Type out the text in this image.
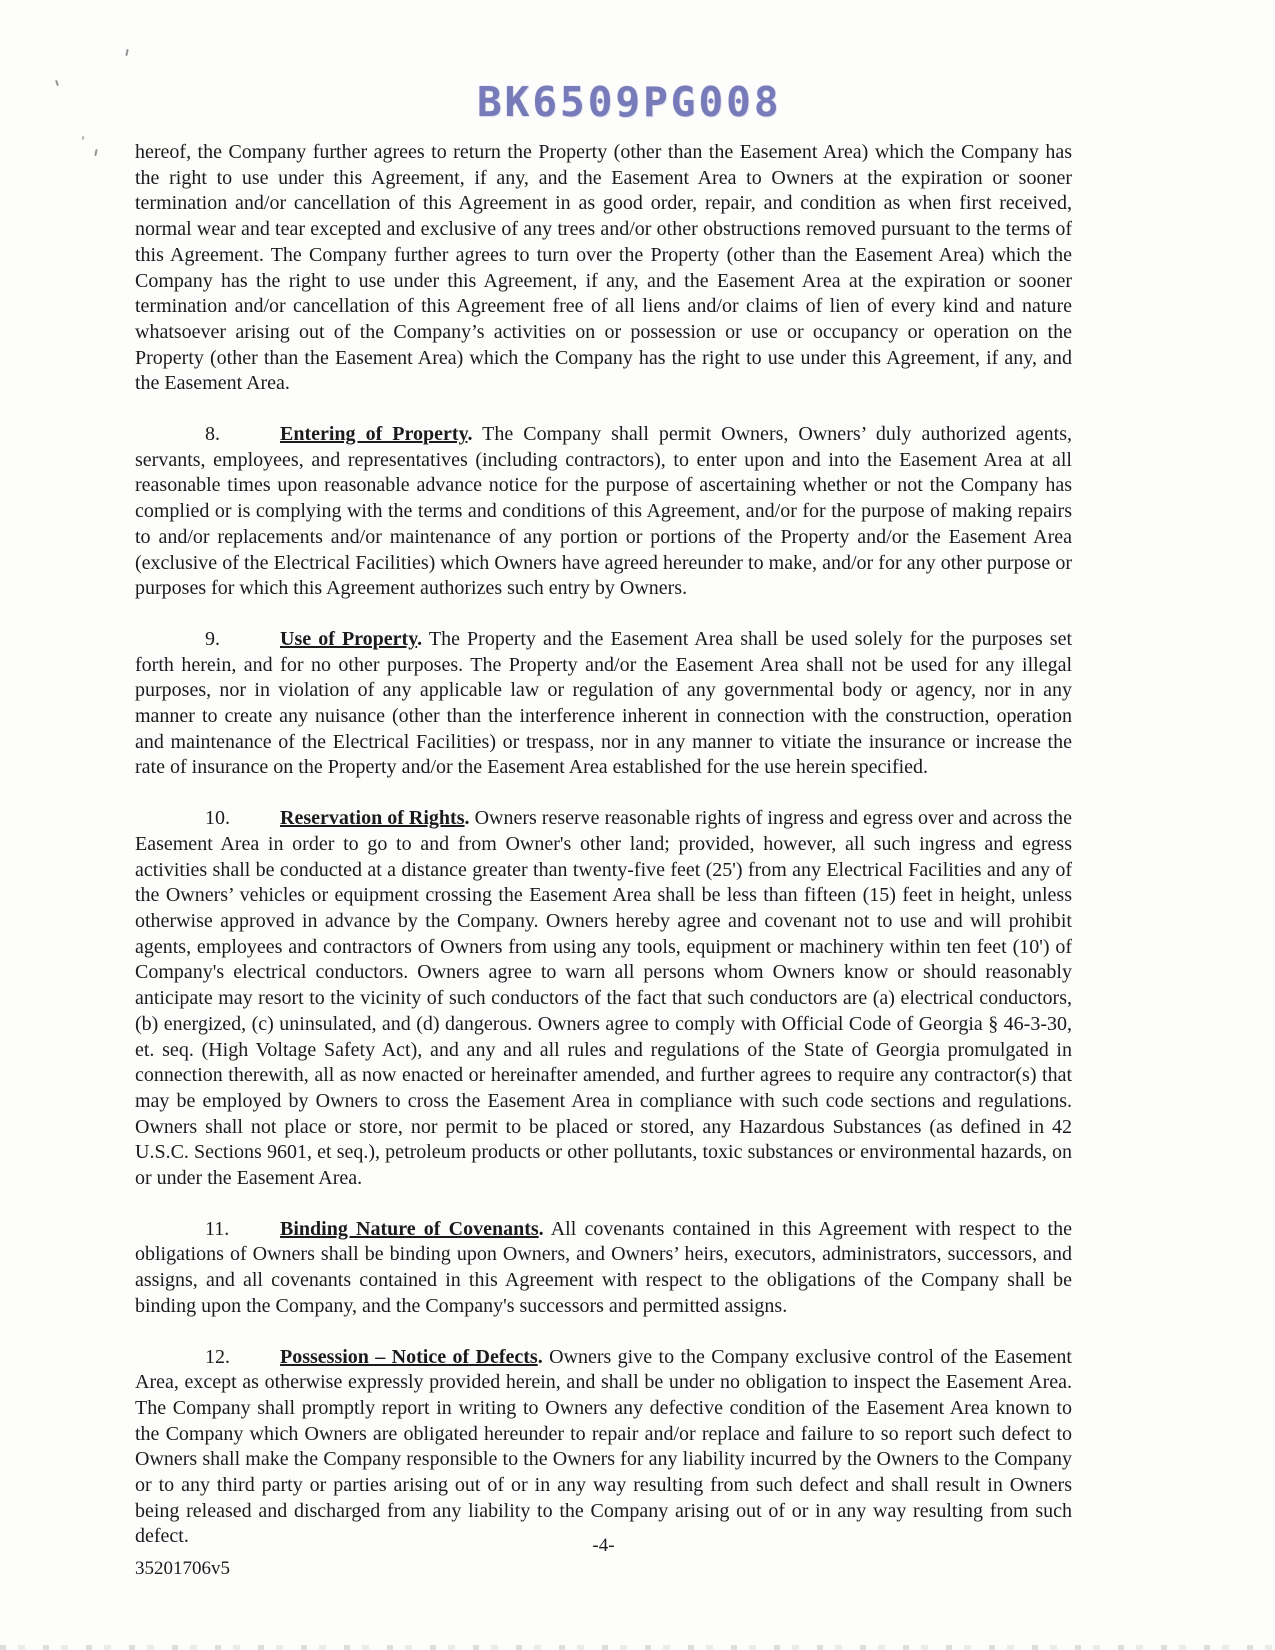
BK6509PG008

hereof, the Company further agrees to return the Property (other than the Easement Area) which the Company has the right to use under this Agreement, if any, and the Easement Area to Owners at the expiration or sooner termination and/or cancellation of this Agreement in as good order, repair, and condition as when first received, normal wear and tear excepted and exclusive of any trees and/or other obstructions removed pursuant to the terms of this Agreement. The Company further agrees to turn over the Property (other than the Easement Area) which the Company has the right to use under this Agreement, if any, and the Easement Area at the expiration or sooner termination and/or cancellation of this Agreement free of all liens and/or claims of lien of every kind and nature whatsoever arising out of the Company’s activities on or possession or use or occupancy or operation on the Property (other than the Easement Area) which the Company has the right to use under this Agreement, if any, and the Easement Area.

8.	Entering of Property. The Company shall permit Owners, Owners’ duly authorized agents, servants, employees, and representatives (including contractors), to enter upon and into the Easement Area at all reasonable times upon reasonable advance notice for the purpose of ascertaining whether or not the Company has complied or is complying with the terms and conditions of this Agreement, and/or for the purpose of making repairs to and/or replacements and/or maintenance of any portion or portions of the Property and/or the Easement Area (exclusive of the Electrical Facilities) which Owners have agreed hereunder to make, and/or for any other purpose or purposes for which this Agreement authorizes such entry by Owners.

9.	Use of Property. The Property and the Easement Area shall be used solely for the purposes set forth herein, and for no other purposes. The Property and/or the Easement Area shall not be used for any illegal purposes, nor in violation of any applicable law or regulation of any governmental body or agency, nor in any manner to create any nuisance (other than the interference inherent in connection with the construction, operation and maintenance of the Electrical Facilities) or trespass, nor in any manner to vitiate the insurance or increase the rate of insurance on the Property and/or the Easement Area established for the use herein specified.

10.	Reservation of Rights. Owners reserve reasonable rights of ingress and egress over and across the Easement Area in order to go to and from Owner's other land; provided, however, all such ingress and egress activities shall be conducted at a distance greater than twenty-five feet (25') from any Electrical Facilities and any of the Owners’ vehicles or equipment crossing the Easement Area shall be less than fifteen (15) feet in height, unless otherwise approved in advance by the Company. Owners hereby agree and covenant not to use and will prohibit agents, employees and contractors of Owners from using any tools, equipment or machinery within ten feet (10') of Company's electrical conductors. Owners agree to warn all persons whom Owners know or should reasonably anticipate may resort to the vicinity of such conductors of the fact that such conductors are (a) electrical conductors, (b) energized, (c) uninsulated, and (d) dangerous. Owners agree to comply with Official Code of Georgia § 46-3-30, et. seq. (High Voltage Safety Act), and any and all rules and regulations of the State of Georgia promulgated in connection therewith, all as now enacted or hereinafter amended, and further agrees to require any contractor(s) that may be employed by Owners to cross the Easement Area in compliance with such code sections and regulations. Owners shall not place or store, nor permit to be placed or stored, any Hazardous Substances (as defined in 42 U.S.C. Sections 9601, et seq.), petroleum products or other pollutants, toxic substances or environmental hazards, on or under the Easement Area.

11.	Binding Nature of Covenants. All covenants contained in this Agreement with respect to the obligations of Owners shall be binding upon Owners, and Owners’ heirs, executors, administrators, successors, and assigns, and all covenants contained in this Agreement with respect to the obligations of the Company shall be binding upon the Company, and the Company's successors and permitted assigns.

12.	Possession – Notice of Defects. Owners give to the Company exclusive control of the Easement Area, except as otherwise expressly provided herein, and shall be under no obligation to inspect the Easement Area. The Company shall promptly report in writing to Owners any defective condition of the Easement Area known to the Company which Owners are obligated hereunder to repair and/or replace and failure to so report such defect to Owners shall make the Company responsible to the Owners for any liability incurred by the Owners to the Company or to any third party or parties arising out of or in any way resulting from such defect and shall result in Owners being released and discharged from any liability to the Company arising out of or in any way resulting from such defect.	-4-
35201706v5
